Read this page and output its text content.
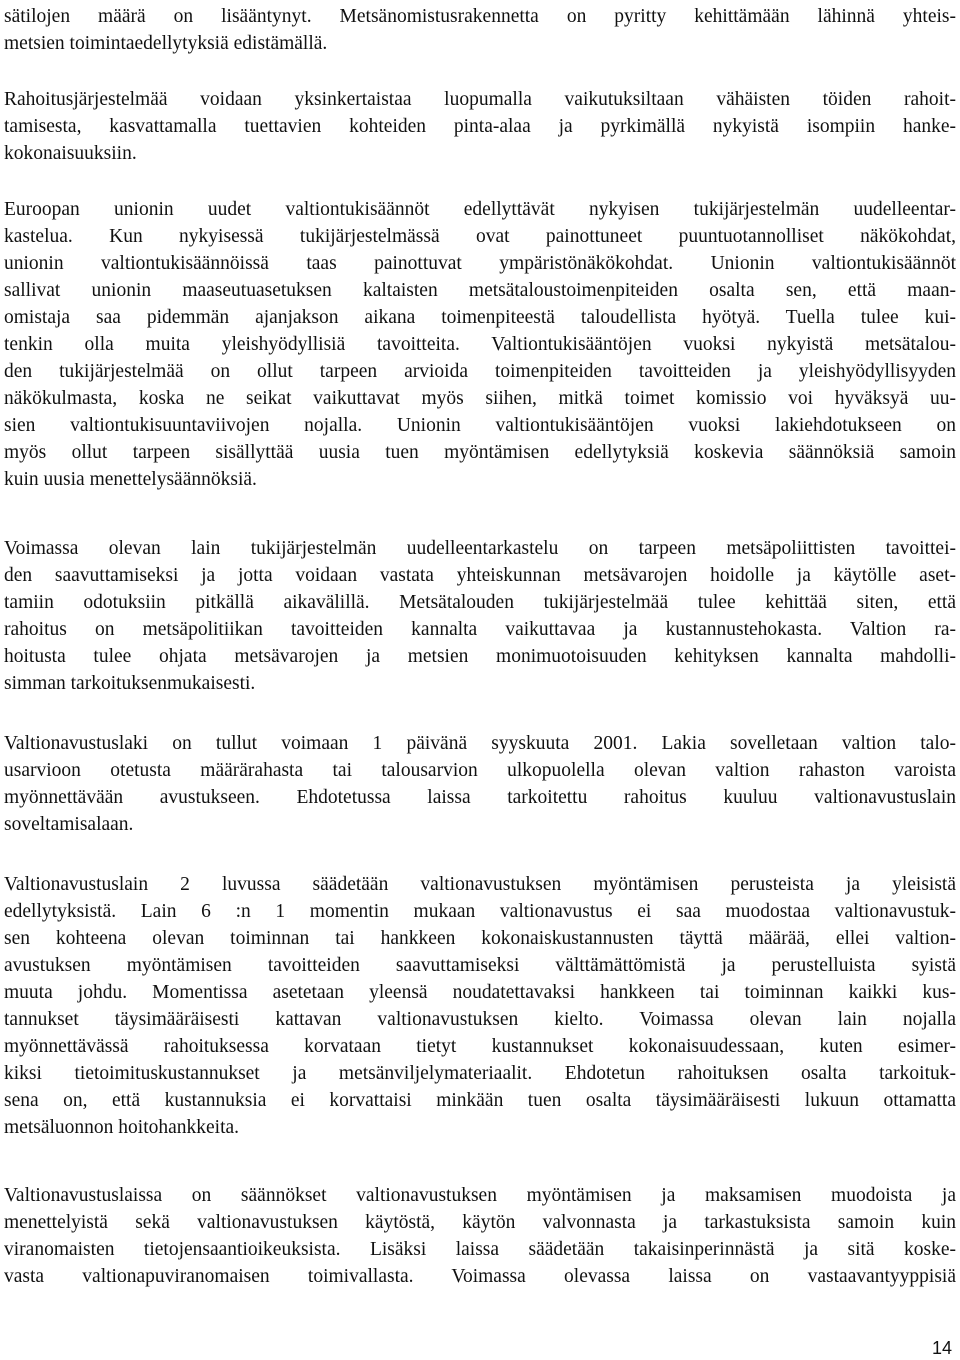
sätilojen määrä on lisääntynyt. Metsänomistusrakennetta on pyritty kehittämään lähinnä yhteis-
metsien toimintaedellytyksiä edistämällä.
Rahoitusjärjestelmää voidaan yksinkertaistaa luopumalla vaikutuksiltaan vähäisten töiden rahoit-
tamisesta, kasvattamalla tuettavien kohteiden pinta-alaa ja pyrkimällä nykyistä isompiin hanke-
kokonaisuuksiin.
Euroopan unionin uudet valtiontukisäännöt edellyttävät nykyisen tukijärjestelmän uudelleentar-
kastelua. Kun nykyisessä tukijärjestelmässä ovat painottuneet puuntuotannolliset näkökohdat,
unionin valtiontukisäännöissä taas painottuvat ympäristönäkökohdat. Unionin valtiontukisäännöt
sallivat unionin maaseutuasetuksen kaltaisten metsätaloustoimenpiteiden osalta sen, että maan-
omistaja saa pidemmän ajanjakson aikana toimenpiteestä taloudellista hyötyä. Tuella tulee kui-
tenkin olla muita yleishyödyllisiä tavoitteita. Valtiontukisääntöjen vuoksi nykyistä metsätalou-
den tukijärjestelmää on ollut tarpeen arvioida toimenpiteiden tavoitteiden ja yleishyödyllisyyden
näkökulmasta, koska ne seikat vaikuttavat myös siihen, mitkä toimet komissio voi hyväksyä uu-
sien valtiontukisuuntaviivojen nojalla. Unionin valtiontukisääntöjen vuoksi lakiehdotukseen on
myös ollut tarpeen sisällyttää uusia tuen myöntämisen edellytyksiä koskevia säännöksiä samoin
kuin uusia menettelysäännöksiä.
Voimassa olevan lain tukijärjestelmän uudelleentarkastelu on tarpeen metsäpoliittisten tavoittei-
den saavuttamiseksi ja jotta voidaan vastata yhteiskunnan metsävarojen hoidolle ja käytölle aset-
tamiin odotuksiin pitkällä aikavälillä. Metsätalouden tukijärjestelmää tulee kehittää siten, että
rahoitus on metsäpolitiikan tavoitteiden kannalta vaikuttavaa ja kustannustehokasta. Valtion ra-
hoitusta tulee ohjata metsävarojen ja metsien monimuotoisuuden kehityksen kannalta mahdolli-
simman tarkoituksenmukaisesti.
Valtionavustuslaki on tullut voimaan 1 päivänä syyskuuta 2001. Lakia sovelletaan valtion talo-
usarvioon otetusta määrärahasta tai talousarvion ulkopuolella olevan valtion rahaston varoista
myönnettävään avustukseen. Ehdotetussa laissa tarkoitettu rahoitus kuuluu valtionavustuslain
soveltamisalaan.
Valtionavustuslain 2 luvussa säädetään valtionavustuksen myöntämisen perusteista ja yleisistä
edellytyksistä. Lain 6 :n 1 momentin mukaan valtionavustus ei saa muodostaa valtionavustuk-
sen kohteena olevan toiminnan tai hankkeen kokonaiskustannusten täyttä määrää, ellei valtion-
avustuksen myöntämisen tavoitteiden saavuttamiseksi välttämättömistä ja perustelluista syistä
muuta johdu. Momentissa asetetaan yleensä noudatettavaksi hankkeen tai toiminnan kaikki kus-
tannukset täysimääräisesti kattavan valtionavustuksen kielto. Voimassa olevan lain nojalla
myönnettävässä rahoituksessa korvataan tietyt kustannukset kokonaisuudessaan, kuten esimer-
kiksi tietoimituskustannukset ja metsänviljelymateriaalit. Ehdotetun rahoituksen osalta tarkoituk-
sena on, että kustannuksia ei korvattaisi minkään tuen osalta täysimääräisesti lukuun ottamatta
metsäluonnon hoitohankkeita.
Valtionavustuslaissa on säännökset valtionavustuksen myöntämisen ja maksamisen muodoista ja
menettelyistä sekä valtionavustuksen käytöstä, käytön valvonnasta ja tarkastuksista samoin kuin
viranomaisten tietojensaantioikeuksista. Lisäksi laissa säädetään takaisinperinnästä ja sitä koske-
vasta valtionapuviranomaisen toimivallasta. Voimassa olevassa laissa on vastaavantyyppisiä
14
